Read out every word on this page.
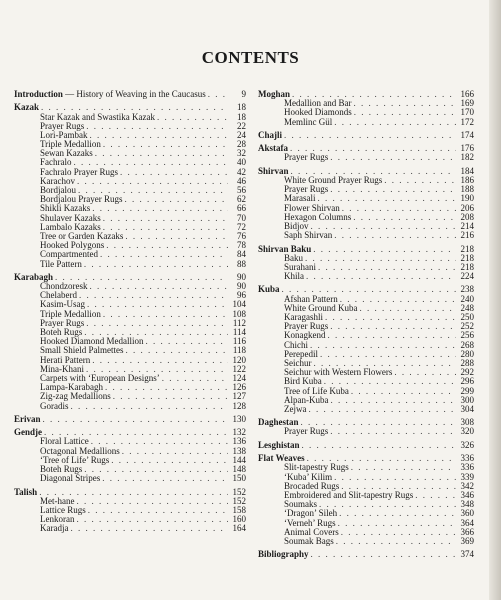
CONTENTS
Introduction — History of Weaving in the Caucasus . . .	9
Kazak . . .	18
Star Kazak and Swastika Kazak . . .	18
Prayer Rugs . . .	22
Lori-Pambak . . .	24
Triple Medallion . . .	28
Sewan Kazaks . . .	32
Fachralo . . .	40
Fachralo Prayer Rugs . . .	42
Karachov . . .	46
Bordjalou . . .	56
Bordjalou Prayer Rugs . . .	62
Shikli Kazaks . . .	66
Shulaver Kazaks . . .	70
Lambalo Kazaks . . .	72
Tree or Garden Kazaks . . .	76
Hooked Polygons . . .	78
Compartmented . . .	84
Tile Pattern . . .	88
Karabagh . . .	90
Chondzoresk . . .	90
Chelaberd . . .	96
Kasim-Usag . . .	104
Triple Medallion . . .	108
Prayer Rugs . . .	112
Boteh Rugs . . .	114
Hooked Diamond Medallion . . .	116
Small Shield Palmettes . . .	118
Herati Pattern . . .	120
Mina-Khani . . .	122
Carpets with ‘European Designs’ . . .	124
Lampa-Karabagh . . .	126
Zig-zag Medallions . . .	127
Goradis . . .	128
Erivan . . .	130
Gendje . . .	132
Floral Lattice . . .	136
Octagonal Medallions . . .	138
‘Tree of Life’ Rugs . . .	144
Boteh Rugs . . .	148
Diagonal Stripes . . .	150
Talish . . .	152
Met-hane . . .	152
Lattice Rugs . . .	158
Lenkoran . . .	160
Karadja . . .	164
Moghan . . .	166
Medallion and Bar . . .	169
Hooked Diamonds . . .	170
Memlinc Gül . . .	172
Chajli . . .	174
Akstafa . . .	176
Prayer Rugs . . .	182
Shirvan . . .	184
White Ground Prayer Rugs . . .	186
Prayer Rugs . . .	188
Marasali . . .	190
Flower Shirvan . . .	206
Hexagon Columns . . .	208
Bidjov . . .	214
Saph Shirvan . . .	216
Shirvan Baku . . .	218
Baku . . .	218
Surahani . . .	218
Khila . . .	224
Kuba . . .	238
Afshan Pattern . . .	240
White Ground Kuba . . .	248
Karagashli . . .	250
Prayer Rugs . . .	252
Konagkend . . .	256
Chichi . . .	268
Perepedil . . .	280
Seichur . . .	288
Seichur with Western Flowers . . .	292
Bird Kuba . . .	296
Tree of Life Kuba . . .	299
Alpan-Kuba . . .	300
Zejwa . . .	304
Daghestan . . .	308
Prayer Rugs . . .	320
Lesghistan . . .	326
Flat Weaves . . .	336
Slit-tapestry Rugs . . .	336
‘Kuba’ Kilim . . .	339
Brocaded Rugs . . .	342
Embroidered and Slit-tapestry Rugs . . .	346
Soumaks . . .	348
‘Dragon’ Sileh . . .	360
‘Verneh’ Rugs . . .	364
Animal Covers . . .	366
Soumak Bags . . .	369
Bibliography . . .	374
